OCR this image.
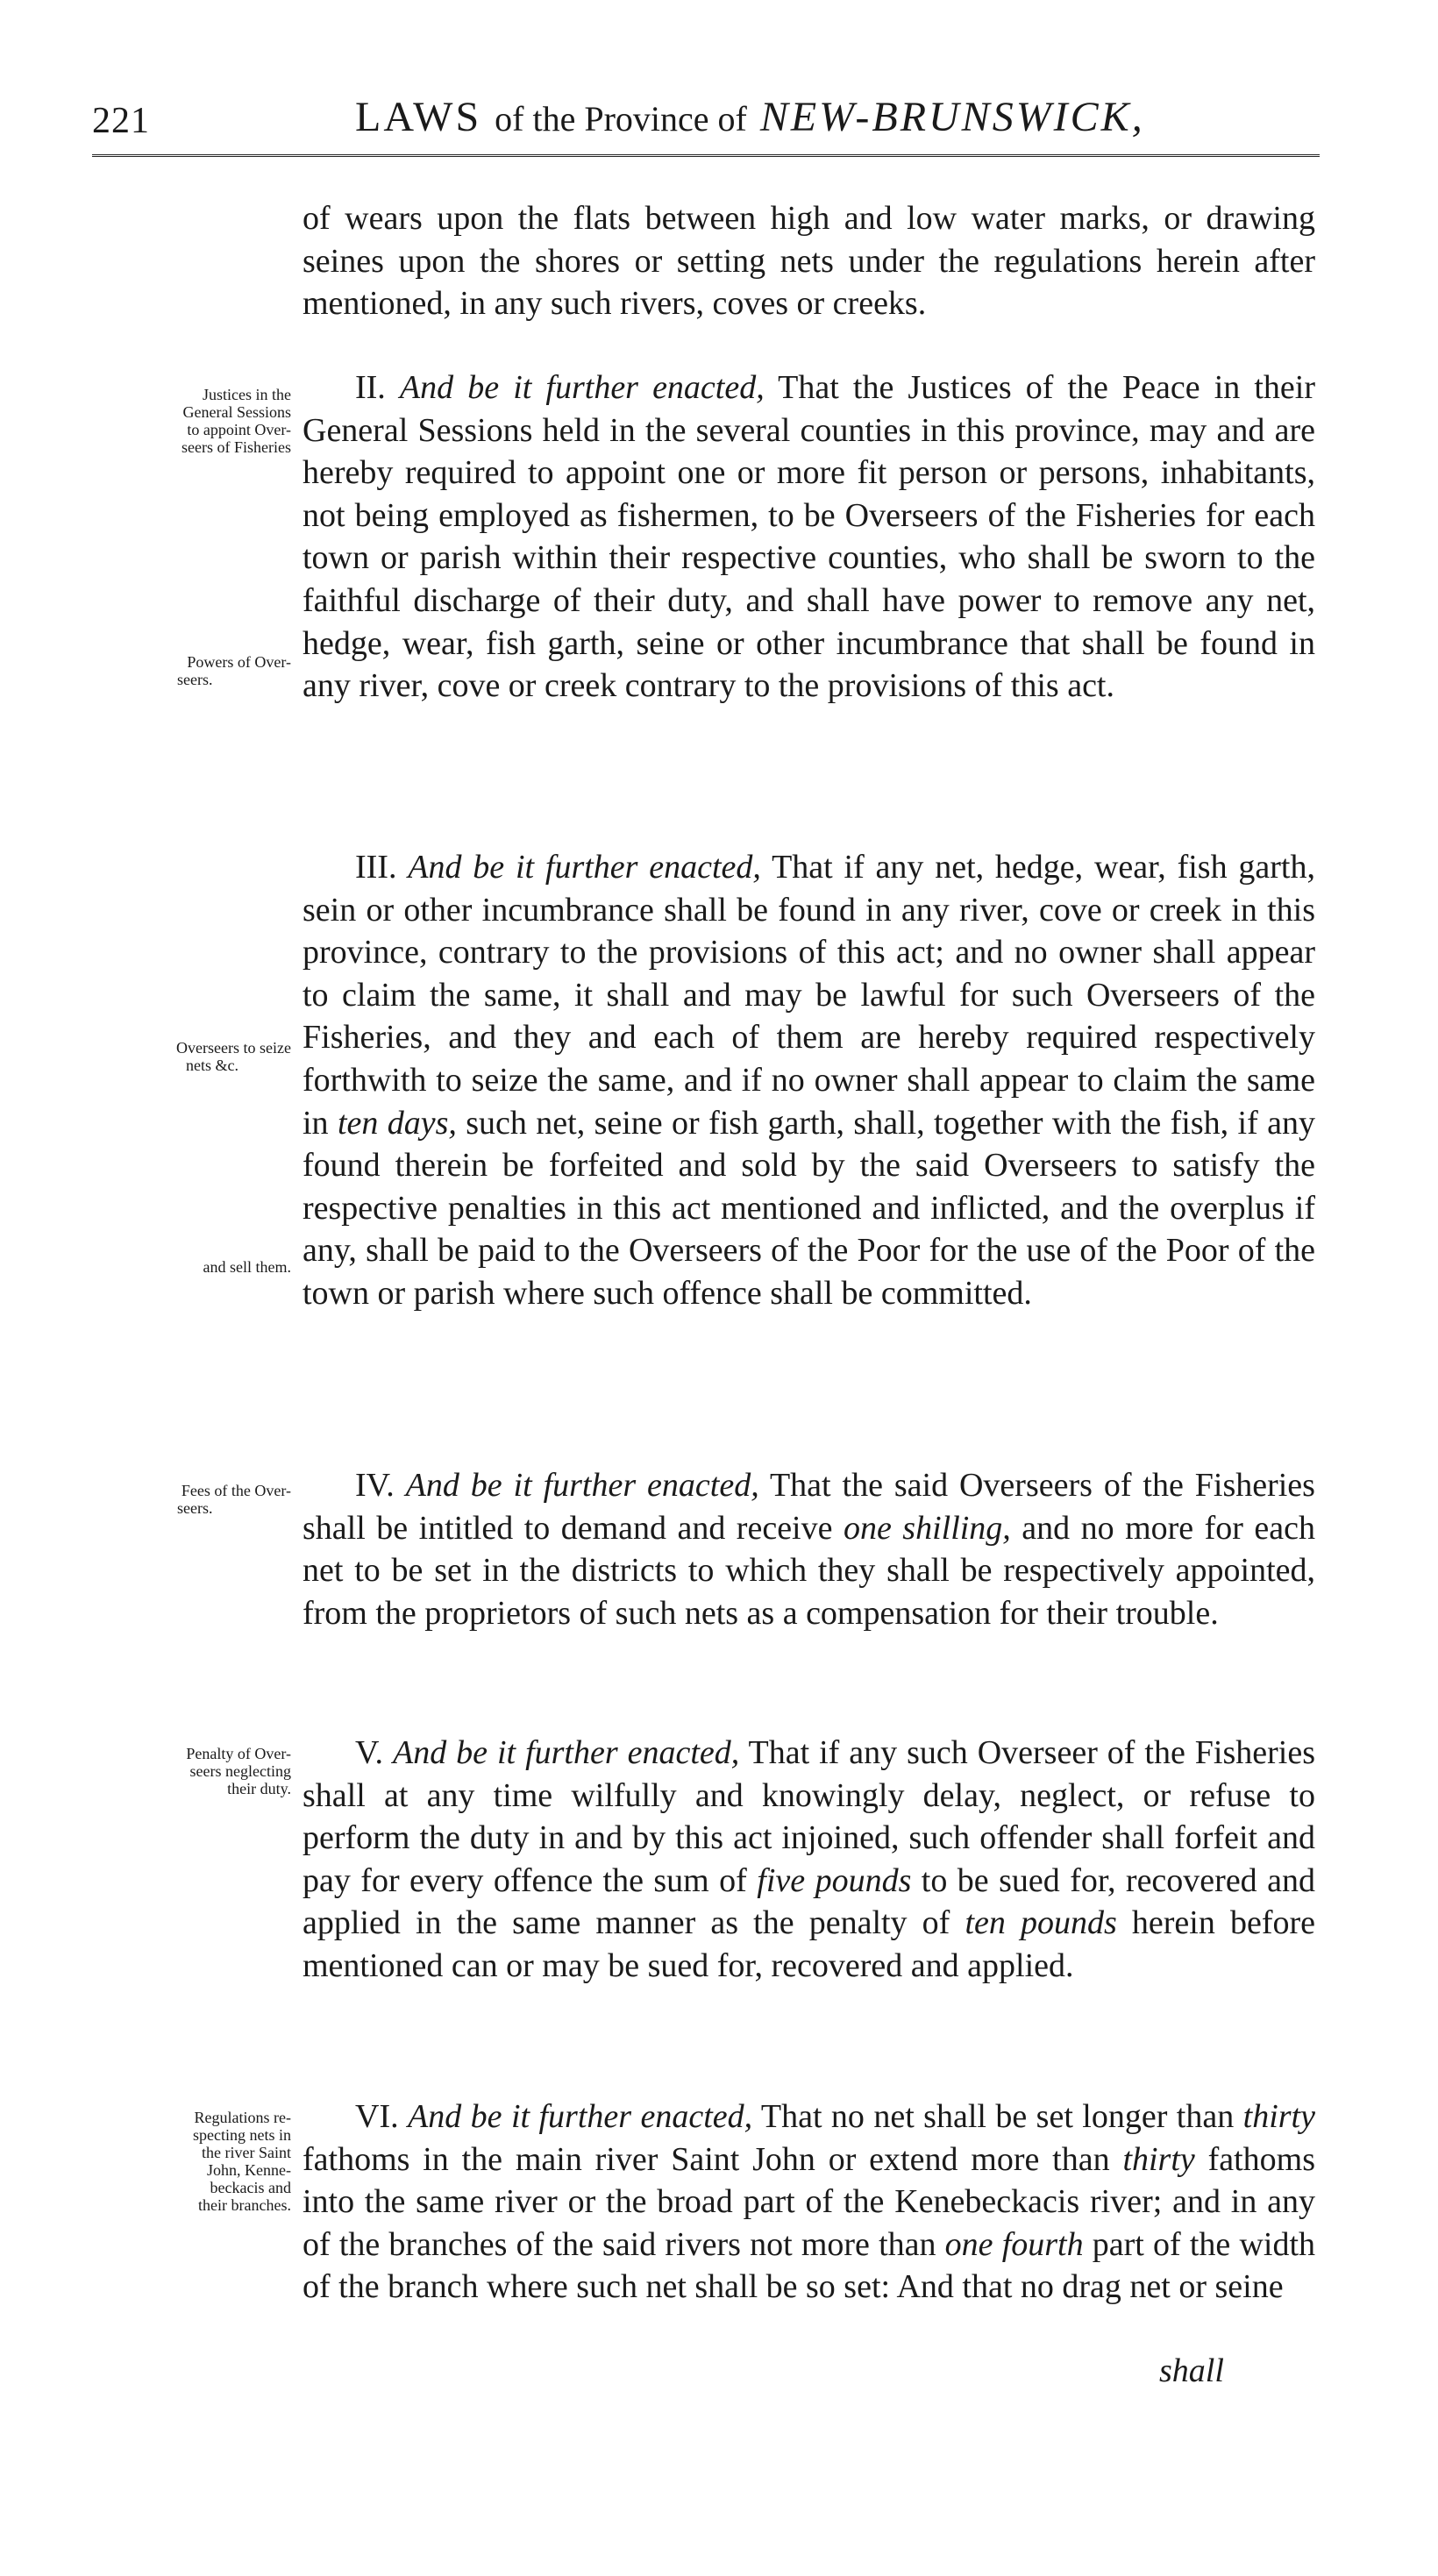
221	LAWS of the Province of NEW-BRUNSWICK,

of wears upon the flats between high and low water marks, or drawing seines upon the shores or setting nets under the regulations herein after mentioned, in any such rivers, coves or creeks.

II. And be it further enacted, That the Justices of the Peace in their General Sessions held in the several counties in this province, may and are hereby required to appoint one or more fit person or persons, inhabitants, not being employed as fishermen, to be Overseers of the Fisheries for each town or parish within their respective counties, who shall be sworn to the faithful discharge of their duty, and shall have power to remove any net, hedge, wear, fish garth, seine or other incumbrance that shall be found in any river, cove or creek contrary to the provisions of this act.

III. And be it further enacted, That if any net, hedge, wear, fish garth, sein or other incumbrance shall be found in any river, cove or creek in this province, contrary to the provisions of this act; and no owner shall appear to claim the same, it shall and may be lawful for such Overseers of the Fisheries, and they and each of them are hereby required respectively forthwith to seize the same, and if no owner shall appear to claim the same in ten days, such net, seine or fish garth, shall, together with the fish, if any found therein be forfeited and sold by the said Overseers to satisfy the respective penalties in this act mentioned and inflicted, and the overplus if any, shall be paid to the Overseers of the Poor for the use of the Poor of the town or parish where such offence shall be committed.

IV. And be it further enacted, That the said Overseers of the Fisheries shall be intitled to demand and receive one shilling, and no more for each net to be set in the districts to which they shall be respectively appointed, from the proprietors of such nets as a compensation for their trouble.

V. And be it further enacted, That if any such Overseer of the Fisheries shall at any time wilfully and knowingly delay, neglect, or refuse to perform the duty in and by this act injoined, such offender shall forfeit and pay for every offence the sum of five pounds to be sued for, recovered and applied in the same manner as the penalty of ten pounds herein before mentioned can or may be sued for, recovered and applied.

VI. And be it further enacted, That no net shall be set longer than thirty fathoms in the main river Saint John or extend more than thirty fathoms into the same river or the broad part of the Kenebeckacis river; and in any of the branches of the said rivers not more than one fourth part of the width of the branch where such net shall be so set: And that no drag net or seine

shall
Justices in the
General Sessions
to appoint Over-
seers of Fisheries
Powers of Over-
seers.
Overseers to seize
nets &c.
and sell them.
Fees of the Over-
seers.
Penalty of Over-
seers neglecting
their duty.
Regulations re-
specting nets in
the river Saint
John, Kenne-
beckacis and
their branches.
